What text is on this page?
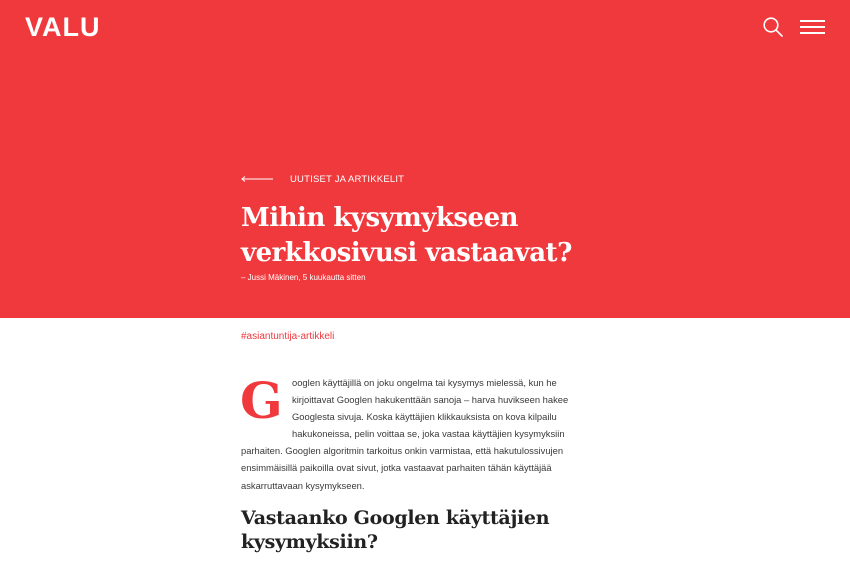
VALU
UUTISET JA ARTIKKELIT
Mihin kysymykseen verkkosivusi vastaavat?
– Jussi Mäkinen, 5 kuukautta sitten
#asiantuntija-artikkeli
G ooglen käyttäjillä on joku ongelma tai kysymys mielessä, kun he
kirjoittavat Googlen hakukenttään sanoja – harva huvikseen hakee
Googlesta sivuja. Koska käyttäjien klikkauksista on kova kilpailu
hakukoneissa, pelin voittaa se, joka vastaa käyttäjien kysymyksiin
parhaiten. Googlen algoritmin tarkoitus onkin varmistaa, että hakutulossivujen
ensimmäisillä paikoilla ovat sivut, jotka vastaavat parhaiten tähän käyttäjää
askarruttavaan kysymykseen.

Vastaanko Googlen käyttäjien kysymyksiin?
